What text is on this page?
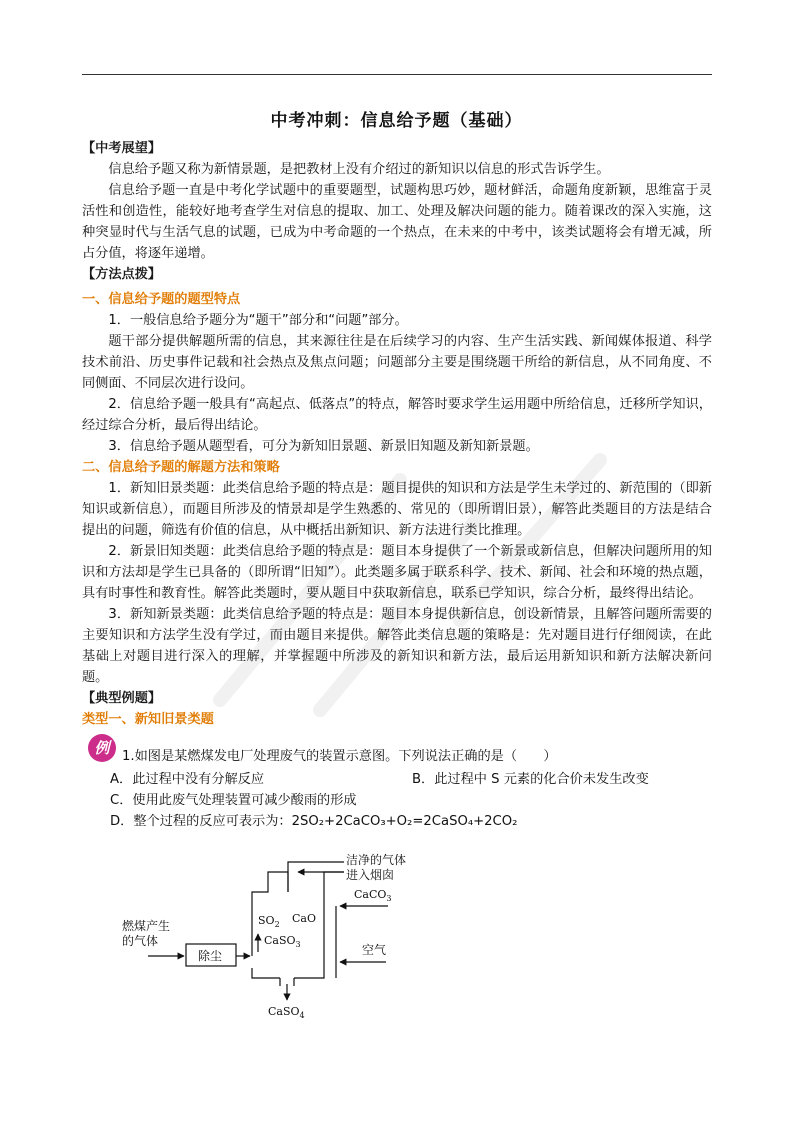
中考冲刺：信息给予题（基础）
【中考展望】

信息给予题又称为新情景题，是把教材上没有介绍过的新知识以信息的形式告诉学生。

信息给予题一直是中考化学试题中的重要题型，试题构思巧妙，题材鲜活，命题角度新颖，思维富于灵活性和创造性，能较好地考查学生对信息的提取、加工、处理及解决问题的能力。随着课改的深入实施，这种突显时代与生活气息的试题，已成为中考命题的一个热点，在未来的中考中，该类试题将会有增无减，所占分值，将逐年递增。

【方法点拨】
一、信息给予题的题型特点

1．一般信息给予题分为“题干”部分和“问题”部分。

题干部分提供解题所需的信息，其来源往往是在后续学习的内容、生产生活实践、新闻媒体报道、科学技术前沿、历史事件记载和社会热点及焦点问题；问题部分主要是围绕题干所给的新信息，从不同角度、不同侧面、不同层次进行设问。

2．信息给予题一般具有“高起点、低落点”的特点，解答时要求学生运用题中所给信息，迁移所学知识，经过综合分析，最后得出结论。

3．信息给予题从题型看，可分为新知旧景题、新景旧知题及新知新景题。

二、信息给予题的解题方法和策略

1．新知旧景类题：此类信息给予题的特点是：题目提供的知识和方法是学生未学过的、新范围的（即新知识或新信息），而题目所涉及的情景却是学生熟悉的、常见的（即所谓旧景），解答此类题目的方法是结合提出的问题，筛选有价值的信息，从中概括出新知识、新方法进行类比推理。

2．新景旧知类题：此类信息给予题的特点是：题目本身提供了一个新景或新信息，但解决问题所用的知识和方法却是学生已具备的（即所谓“旧知”）。此类题多属于联系科学、技术、新闻、社会和环境的热点题，具有时事性和教育性。解答此类题时，要从题目中获取新信息，联系已学知识，综合分析，最终得出结论。

3．新知新景类题：此类信息给予题的特点是：题目本身提供新信息，创设新情景，且解答问题所需要的主要知识和方法学生没有学过，而由题目来提供。解答此类信息题的策略是：先对题目进行仔细阅读，在此基础上对题目进行深入的理解，并掌握题中所涉及的新知识和新方法，最后运用新知识和新方法解决新问题。

【典型例题】
类型一、新知旧景类题
例 1.如图是某燃煤发电厂处理废气的装置示意图。下列说法正确的是（　　）
A．此过程中没有分解反应	B．此过程中 S 元素的化合价未发生改变
C．使用此废气处理装置可减少酸雨的形成
D．整个过程的反应可表示为：2SO₂+2CaCO₃+O₂=2CaSO₄+2CO₂
燃煤产生
的气体
除尘
洁净的气体
进入烟囱
CaCO$_3$
$SO_2$ CaO
CaSO$_3$	空气
CaSO$_4$
